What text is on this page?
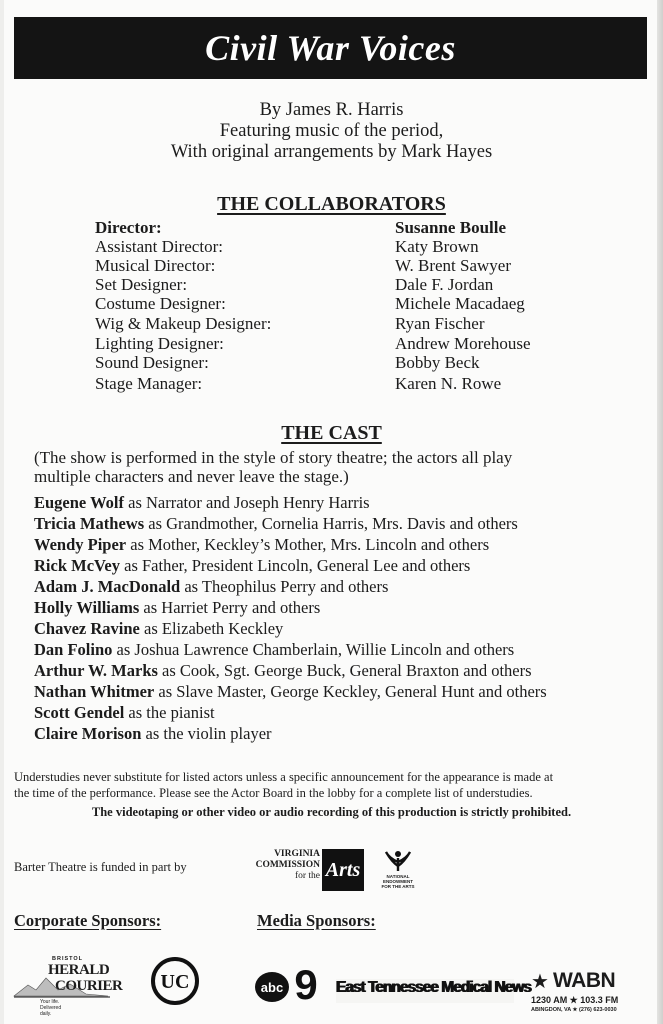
Civil War Voices
By James R. Harris
Featuring music of the period,
With original arrangements by Mark Hayes
THE COLLABORATORS
Director:	Susanne Boulle
Assistant Director:	Katy Brown
Musical Director:	W. Brent Sawyer
Set Designer:	Dale F. Jordan
Costume Designer:	Michele Macadaeg
Wig & Makeup Designer:	Ryan Fischer
Lighting Designer:	Andrew Morehouse
Sound Designer:	Bobby Beck
Stage Manager:	Karen N. Rowe
THE CAST
(The show is performed in the style of story theatre; the actors all play
multiple characters and never leave the stage.)
Eugene Wolf as Narrator and Joseph Henry Harris
Tricia Mathews as Grandmother, Cornelia Harris, Mrs. Davis and others
Wendy Piper as Mother, Keckley’s Mother, Mrs. Lincoln and others
Rick McVey as Father, President Lincoln, General Lee and others
Adam J. MacDonald as Theophilus Perry and others
Holly Williams as Harriet Perry and others
Chavez Ravine as Elizabeth Keckley
Dan Folino as Joshua Lawrence Chamberlain, Willie Lincoln and others
Arthur W. Marks as Cook, Sgt. George Buck, General Braxton and others
Nathan Whitmer as Slave Master, George Keckley, General Hunt and others
Scott Gendel as the pianist
Claire Morison as the violin player
Understudies never substitute for listed actors unless a specific announcement for the appearance is made at
the time of the performance. Please see the Actor Board in the lobby for a complete list of understudies.
The videotaping or other video or audio recording of this production is strictly prohibited.
Barter Theatre is funded in part by
VIRGINIA
COMMISSION
for the Arts	NATIONAL ENDOWMENT FOR THE ARTS
Corporate Sponsors:	Media Sponsors:
BRISTOL
HERALD
COURIER
Your life. Delivered daily.
UC	abc 9 East Tennessee Medical News ★ WABN
1230 AM ★ 103.3 FM
ABINGDON, VA ★ (276) 623-0030
